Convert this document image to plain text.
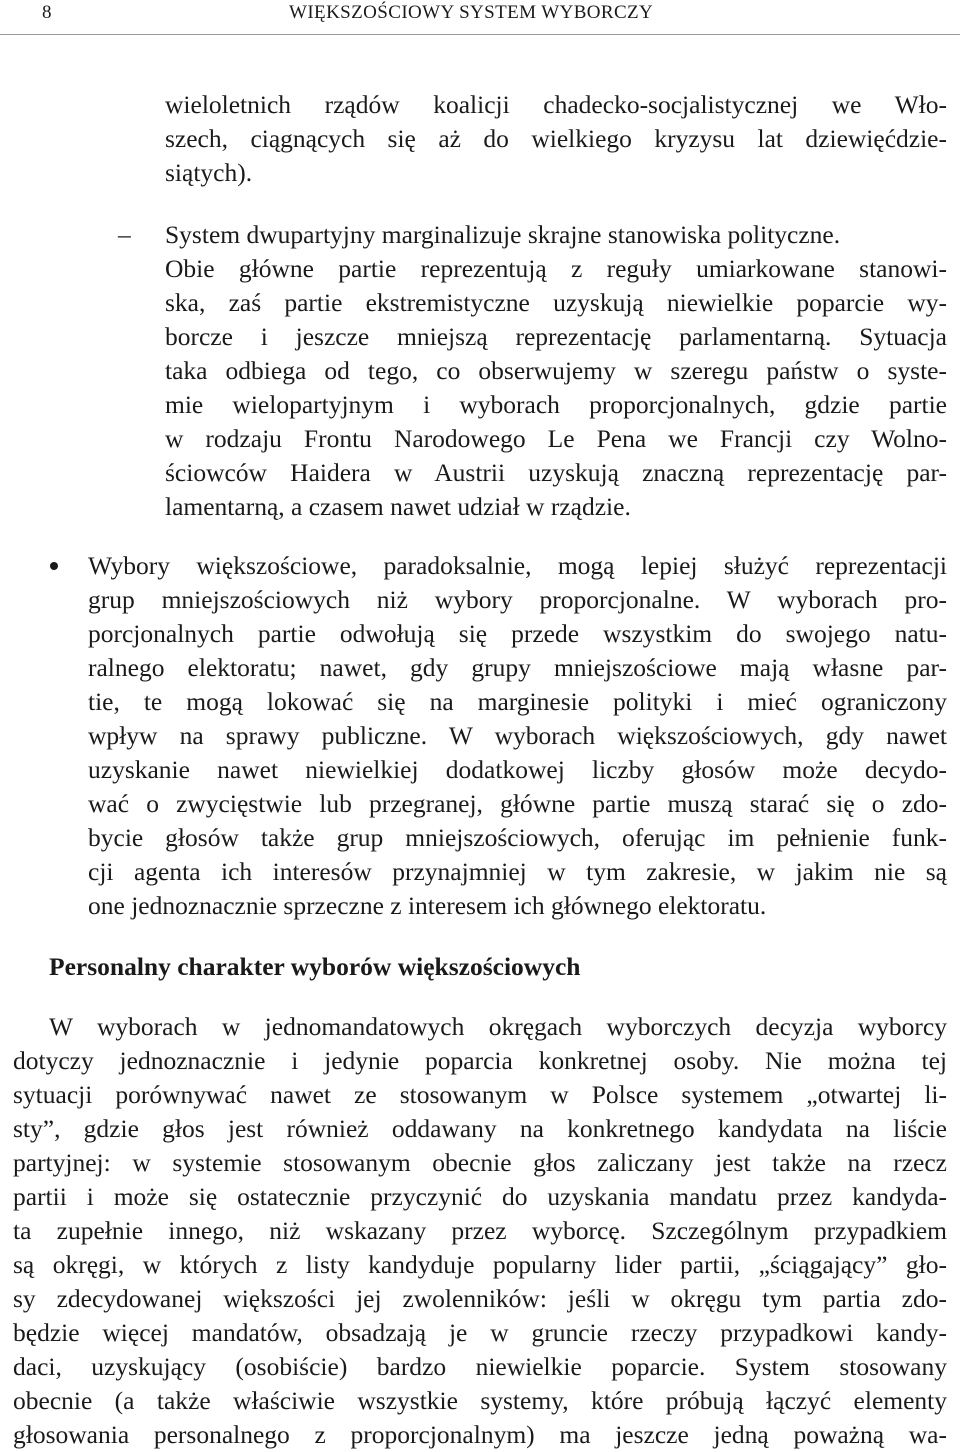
8	WIĘKSZOŚCIOWY SYSTEM WYBORCZY
wieloletnich rządów koalicji chadecko-socjalistycznej we Wło-
szech, ciągnących się aż do wielkiego kryzysu lat dziewięćdzie-
siątych).
– System dwupartyjny marginalizuje skrajne stanowiska polityczne.
Obie główne partie reprezentują z reguły umiarkowane stanowi-
ska, zaś partie ekstremistyczne uzyskują niewielkie poparcie wy-
borcze i jeszcze mniejszą reprezentację parlamentarną. Sytuacja
taka odbiega od tego, co obserwujemy w szeregu państw o syste-
mie wielopartyjnym i wyborach proporcjonalnych, gdzie partie
w rodzaju Frontu Narodowego Le Pena we Francji czy Wolno-
ściowców Haidera w Austrii uzyskują znaczną reprezentację par-
lamentarną, a czasem nawet udział w rządzie.
Wybory większościowe, paradoksalnie, mogą lepiej służyć reprezentacji
grup mniejszościowych niż wybory proporcjonalne. W wyborach pro-
porcjonalnych partie odwołują się przede wszystkim do swojego natu-
ralnego elektoratu; nawet, gdy grupy mniejszościowe mają własne par-
tie, te mogą lokować się na marginesie polityki i mieć ograniczony
wpływ na sprawy publiczne. W wyborach większościowych, gdy nawet
uzyskanie nawet niewielkiej dodatkowej liczby głosów może decydo-
wać o zwycięstwie lub przegranej, główne partie muszą starać się o zdo-
bycie głosów także grup mniejszościowych, oferując im pełnienie funk-
cji agenta ich interesów przynajmniej w tym zakresie, w jakim nie są
one jednoznacznie sprzeczne z interesem ich głównego elektoratu.
Personalny charakter wyborów większościowych
W wyborach w jednomandatowych okręgach wyborczych decyzja wyborcy
dotyczy jednoznacznie i jedynie poparcia konkretnej osoby. Nie można tej
sytuacji porównywać nawet ze stosowanym w Polsce systemem „otwartej li-
sty”, gdzie głos jest również oddawany na konkretnego kandydata na liście
partyjnej: w systemie stosowanym obecnie głos zaliczany jest także na rzecz
partii i może się ostatecznie przyczynić do uzyskania mandatu przez kandyda-
ta zupełnie innego, niż wskazany przez wyborcę. Szczególnym przypadkiem
są okręgi, w których z listy kandyduje popularny lider partii, „ściągający” gło-
sy zdecydowanej większości jej zwolenników: jeśli w okręgu tym partia zdo-
będzie więcej mandatów, obsadzają je w gruncie rzeczy przypadkowi kandy-
daci, uzyskujący (osobiście) bardzo niewielkie poparcie. System stosowany
obecnie (a także właściwie wszystkie systemy, które próbują łączyć elementy
głosowania personalnego z proporcjonalnym) ma jeszcze jedną poważną wa-
